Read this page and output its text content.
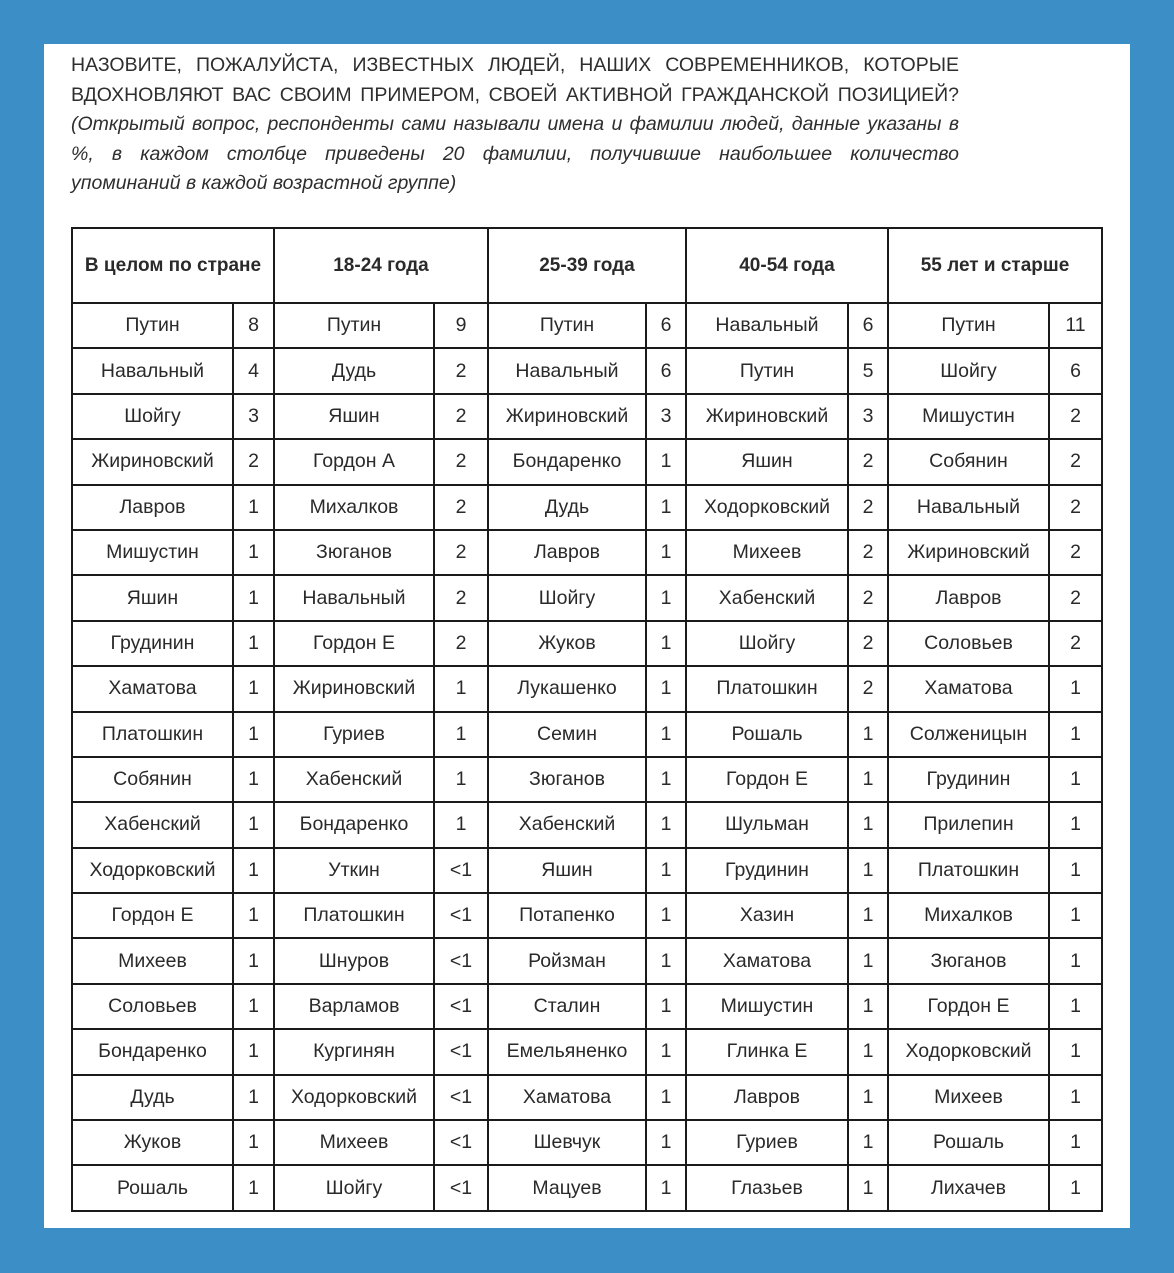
НАЗОВИТЕ, ПОЖАЛУЙСТА, ИЗВЕСТНЫХ ЛЮДЕЙ, НАШИХ СОВРЕМЕННИКОВ, КОТОРЫЕ ВДОХНОВЛЯЮТ ВАС СВОИМ ПРИМЕРОМ, СВОЕЙ АКТИВНОЙ ГРАЖДАНСКОЙ ПОЗИЦИЕЙ? (Открытый вопрос, респонденты сами называли имена и фамилии людей, данные указаны в %, в каждом столбце приведены 20 фамилии, получившие наибольшее количество упоминаний в каждой возрастной группе)
В целом по стране		18-24 года		25-39 года		40-54 года		55 лет и старше	
Путин	8	Путин	9	Путин	6	Навальный	6	Путин	11
Навальный	4	Дудь	2	Навальный	6	Путин	5	Шойгу	6
Шойгу	3	Яшин	2	Жириновский	3	Жириновский	3	Мишустин	2
Жириновский	2	Гордон А	2	Бондаренко	1	Яшин	2	Собянин	2
Лавров	1	Михалков	2	Дудь	1	Ходорковский	2	Навальный	2
Мишустин	1	Зюганов	2	Лавров	1	Михеев	2	Жириновский	2
Яшин	1	Навальный	2	Шойгу	1	Хабенский	2	Лавров	2
Грудинин	1	Гордон Е	2	Жуков	1	Шойгу	2	Соловьев	2
Хаматова	1	Жириновский	1	Лукашенко	1	Платошкин	2	Хаматова	1
Платошкин	1	Гуриев	1	Семин	1	Рошаль	1	Солженицын	1
Собянин	1	Хабенский	1	Зюганов	1	Гордон Е	1	Грудинин	1
Хабенский	1	Бондаренко	1	Хабенский	1	Шульман	1	Прилепин	1
Ходорковский	1	Уткин	<1	Яшин	1	Грудинин	1	Платошкин	1
Гордон Е	1	Платошкин	<1	Потапенко	1	Хазин	1	Михалков	1
Михеев	1	Шнуров	<1	Ройзман	1	Хаматова	1	Зюганов	1
Соловьев	1	Варламов	<1	Сталин	1	Мишустин	1	Гордон Е	1
Бондаренко	1	Кургинян	<1	Емельяненко	1	Глинка Е	1	Ходорковский	1
Дудь	1	Ходорковский	<1	Хаматова	1	Лавров	1	Михеев	1
Жуков	1	Михеев	<1	Шевчук	1	Гуриев	1	Рошаль	1
Рошаль	1	Шойгу	<1	Мацуев	1	Глазьев	1	Лихачев	1
